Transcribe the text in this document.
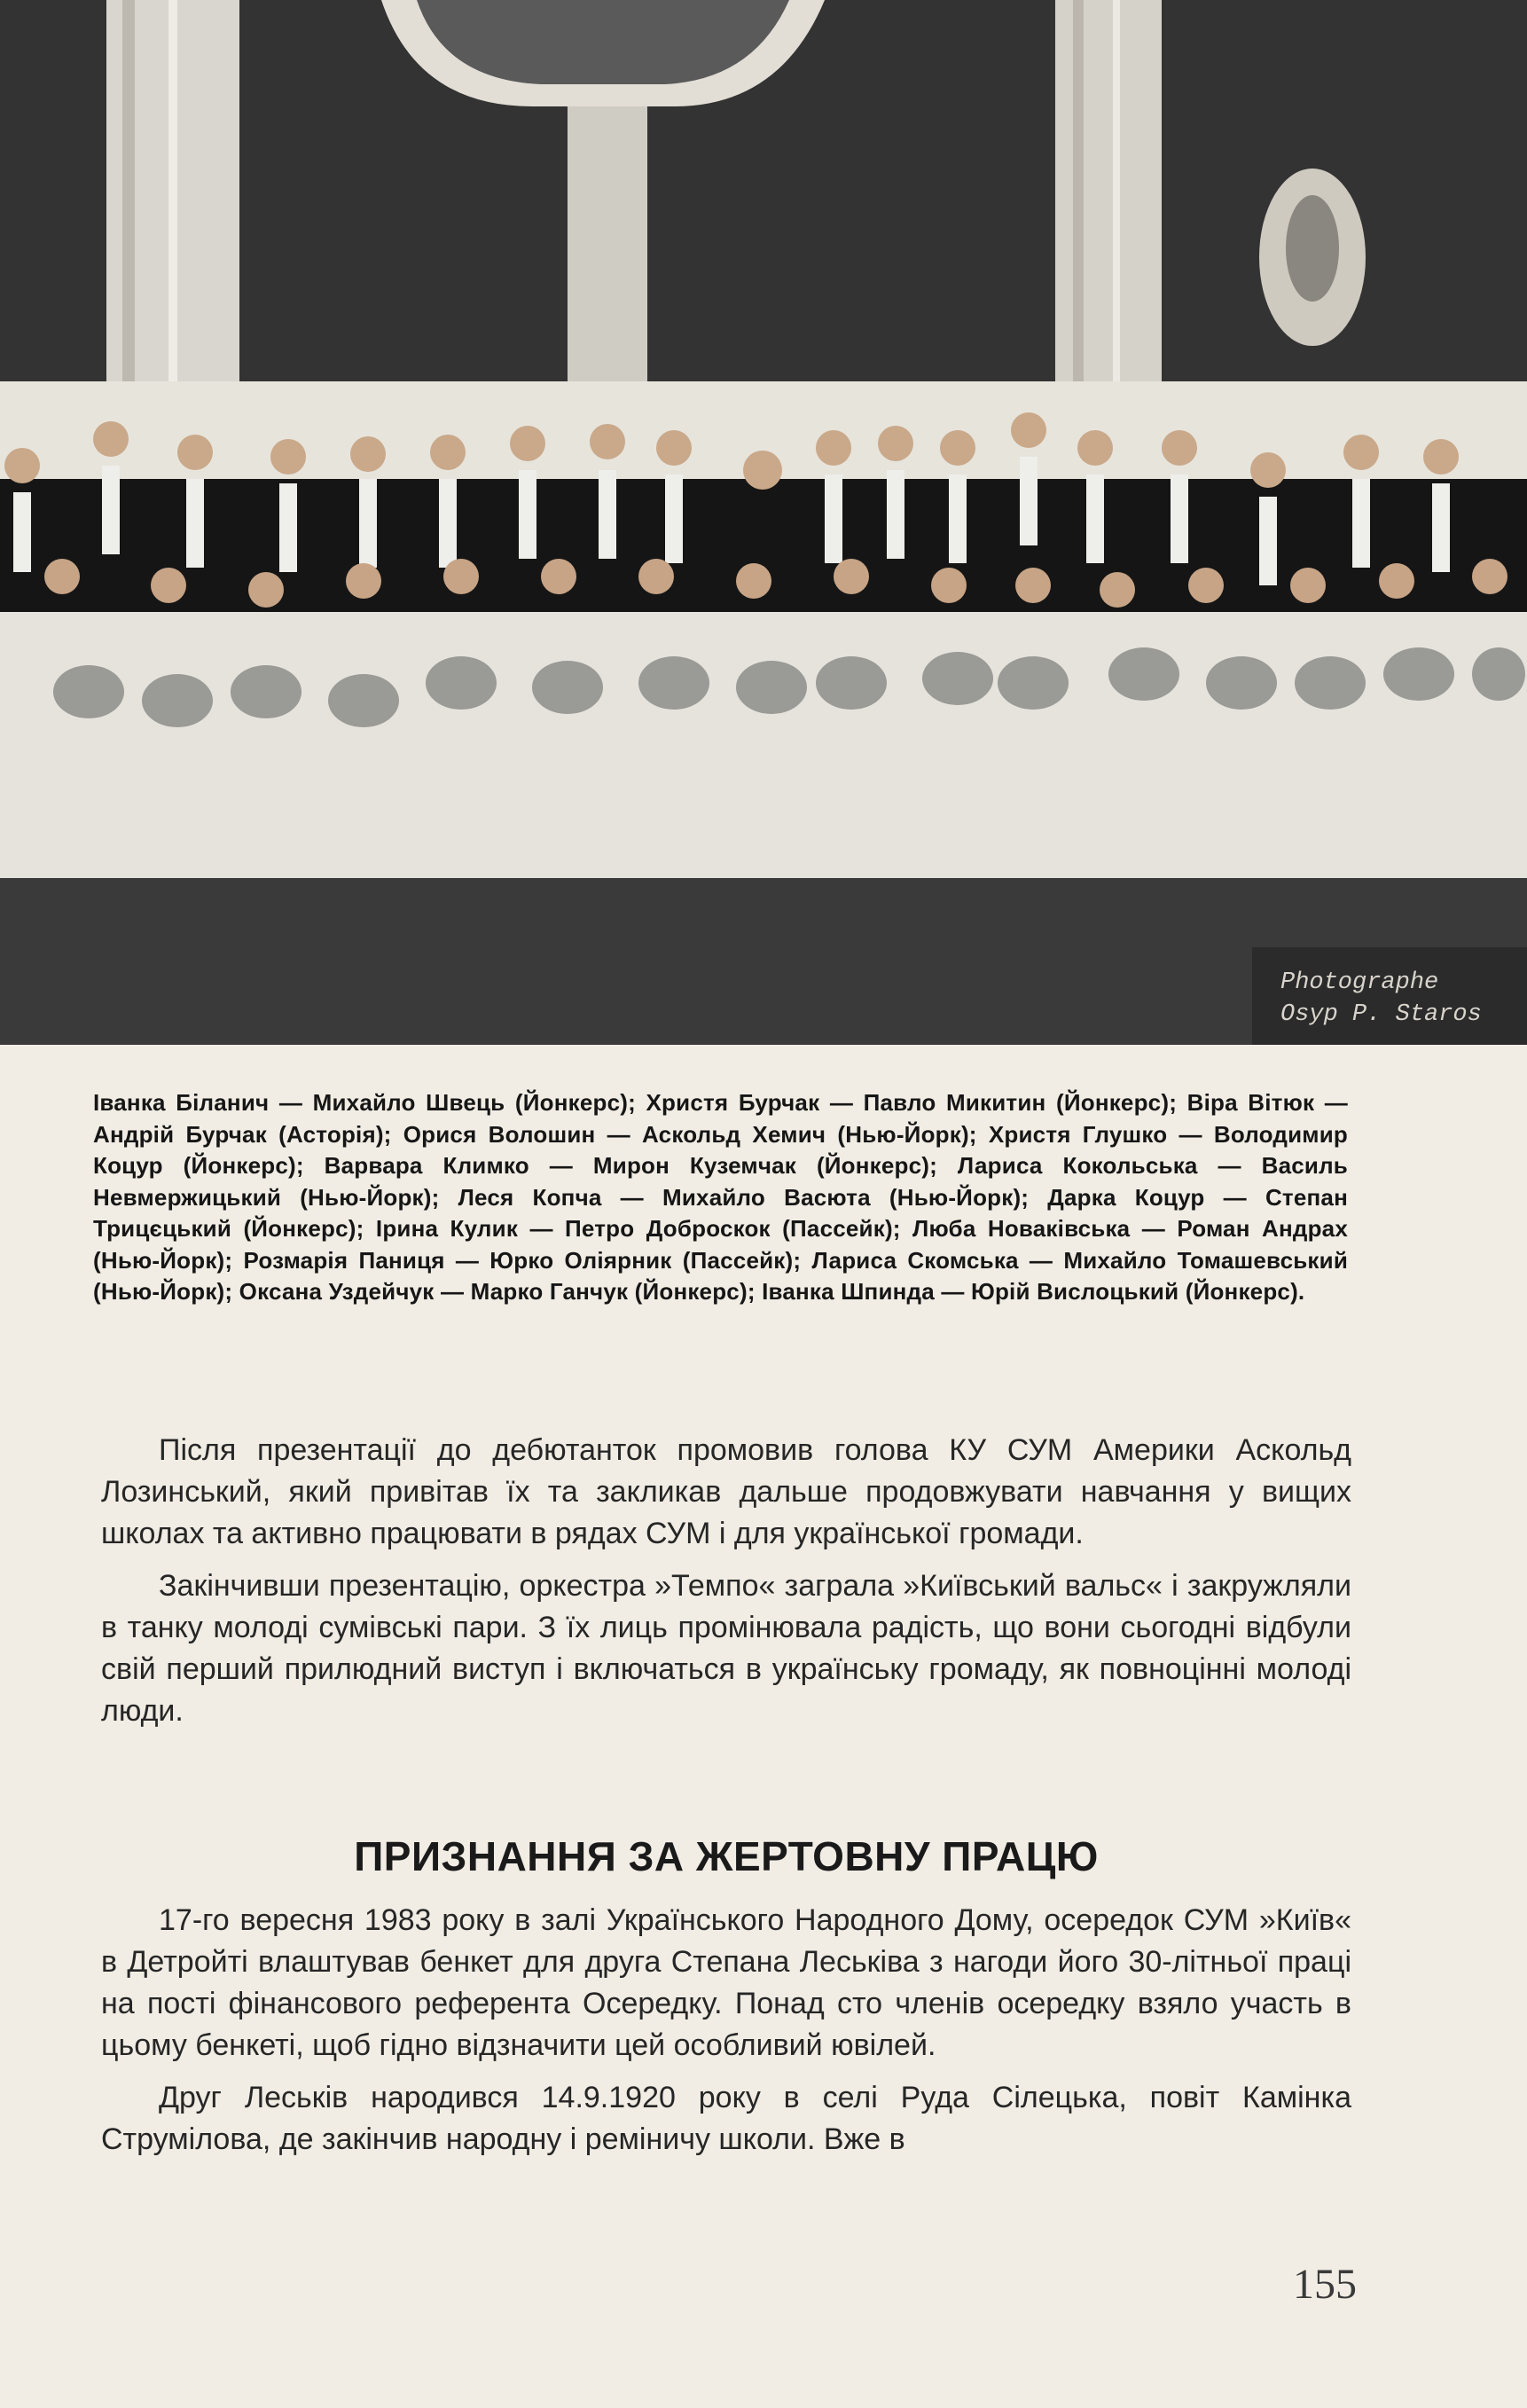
Photographe
Osyp P. Staros
Іванка Біланич — Михайло Швець (Йонкерс); Христя Бурчак — Павло Микитин (Йонкерс); Віра Вітюк — Андрій Бурчак (Асторія); Орися Волошин — Аскольд Хемич (Нью-Йорк); Христя Глушко — Володимир Коцур (Йонкерс); Варвара Климко — Мирон Куземчак (Йонкерс); Лариса Кокольська — Василь Невмержицький (Нью-Йорк); Леся Копча — Михайло Васюта (Нью-Йорк); Дарка Коцур — Степан Трицєцький (Йонкерс); Ірина Кулик — Петро Доброскок (Пассейк); Люба Новаківська — Роман Андрах (Нью-Йорк); Розмарія Паниця — Юрко Оліярник (Пассейк); Лариса Скомська — Михайло Томашевський (Нью-Йорк); Оксана Уздейчук — Марко Ганчук (Йонкерс); Іванка Шпинда — Юрій Вислоцький (Йонкерс).

Після презентації до дебютанток промовив голова КУ СУМ Америки Аскольд Лозинський, який привітав їх та закликав дальше продовжувати навчання у вищих школах та активно працювати в рядах СУМ і для української громади.

Закінчивши презентацію, оркестра »Темпо« заграла »Київський вальс« і закружляли в танку молоді сумівські пари. З їх лиць промінювала радість, що вони сьогодні відбули свій перший прилюдний виступ і включаться в українську громаду, як повноцінні молоді люди.

ПРИЗНАННЯ ЗА ЖЕРТОВНУ ПРАЦЮ

17-го вересня 1983 року в залі Українського Народного Дому, осередок СУМ »Київ« в Детройті влаштував бенкет для друга Степана Леськіва з нагоди його 30-літньої праці на пості фінансового референта Осередку. Понад сто членів осередку взяло участь в цьому бенкеті, щоб гідно відзначити цей особливий ювілей.

Друг Леськів народився 14.9.1920 року в селі Руда Сілецька, повіт Камінка Струмілова, де закінчив народну і реміничу школи. Вже в

155
